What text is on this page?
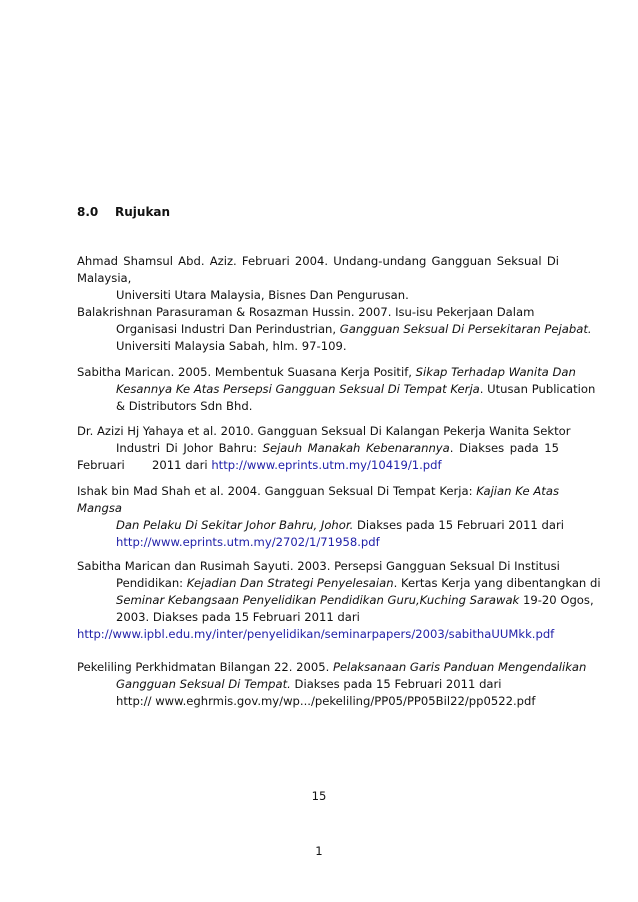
8.0 Rujukan
Ahmad Shamsul Abd. Aziz. Februari 2004. Undang-undang Gangguan Seksual Di
Malaysia,
Universiti Utara Malaysia, Bisnes Dan Pengurusan.
Balakrishnan Parasuraman & Rosazman Hussin. 2007. Isu-isu Pekerjaan Dalam
Organisasi Industri Dan Perindustrian, Gangguan Seksual Di Persekitaran Pejabat.
Universiti Malaysia Sabah, hlm. 97-109.
Sabitha Marican. 2005. Membentuk Suasana Kerja Positif, Sikap Terhadap Wanita Dan
Kesannya Ke Atas Persepsi Gangguan Seksual Di Tempat Kerja. Utusan Publication
& Distributors Sdn Bhd.
Dr. Azizi Hj Yahaya et al. 2010. Gangguan Seksual Di Kalangan Pekerja Wanita Sektor
Industri Di Johor Bahru: Sejauh Manakah Kebenarannya. Diakses pada 15
Februari 2011 dari http://www.eprints.utm.my/10419/1.pdf
Ishak bin Mad Shah et al. 2004. Gangguan Seksual Di Tempat Kerja: Kajian Ke Atas
Mangsa
Dan Pelaku Di Sekitar Johor Bahru, Johor. Diakses pada 15 Februari 2011 dari
http://www.eprints.utm.my/2702/1/71958.pdf
Sabitha Marican dan Rusimah Sayuti. 2003. Persepsi Gangguan Seksual Di Institusi
Pendidikan: Kejadian Dan Strategi Penyelesaian. Kertas Kerja yang dibentangkan di
Seminar Kebangsaan Penyelidikan Pendidikan Guru,Kuching Sarawak 19-20 Ogos,
2003. Diakses pada 15 Februari 2011 dari
http://www.ipbl.edu.my/inter/penyelidikan/seminarpapers/2003/sabithaUUMkk.pdf
Pekeliling Perkhidmatan Bilangan 22. 2005. Pelaksanaan Garis Panduan Mengendalikan
Gangguan Seksual Di Tempat. Diakses pada 15 Februari 2011 dari
http:// www.eghrmis.gov.my/wp.../pekeliling/PP05/PP05Bil22/pp0522.pdf
15
1
